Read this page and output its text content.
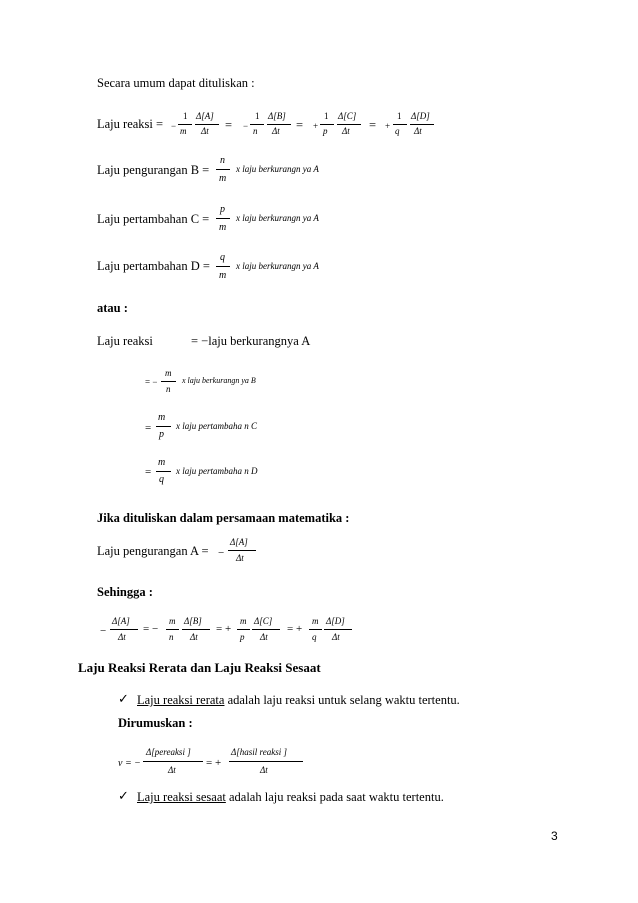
Secara umum dapat dituliskan :
Laju reaksi = −
1
m
Δ[A]
Δt = −
1
n
Δ[B]
Δt = +
1
p
Δ[C]
Δt = +
1
q
Δ[D]
Δt
Laju pengurangan B =
n
m
x laju berkurangn ya A
Laju pertambahan C =
p
m
x laju berkurangn ya A
Laju pertambahan D =
q
m
x laju berkurangn ya A
atau :
Laju reaksi	= −laju berkurangnya A
= −
m
n
x laju berkurangn ya B
=
m
p
x laju pertambaha n C
=
m
q
x laju pertambaha n D
Jika dituliskan dalam persamaan matematika :
Laju pengurangan A = −
Δ[A]
Δt
Sehingga :
−
Δ[A]
Δt
= −
m
n
Δ[B]
Δt
= +
m
p
Δ[C]
Δt
= +
m
q
Δ[D]
Δt
Laju Reaksi Rerata dan Laju Reaksi Sesaat
✓ Laju reaksi rerata adalah laju reaksi untuk selang waktu tertentu.
Dirumuskan :
v = −
Δ[pereaksi ]
Δt
= +
Δ[hasil reaksi ]
Δt
✓ Laju reaksi sesaat adalah laju reaksi pada saat waktu tertentu.
3
